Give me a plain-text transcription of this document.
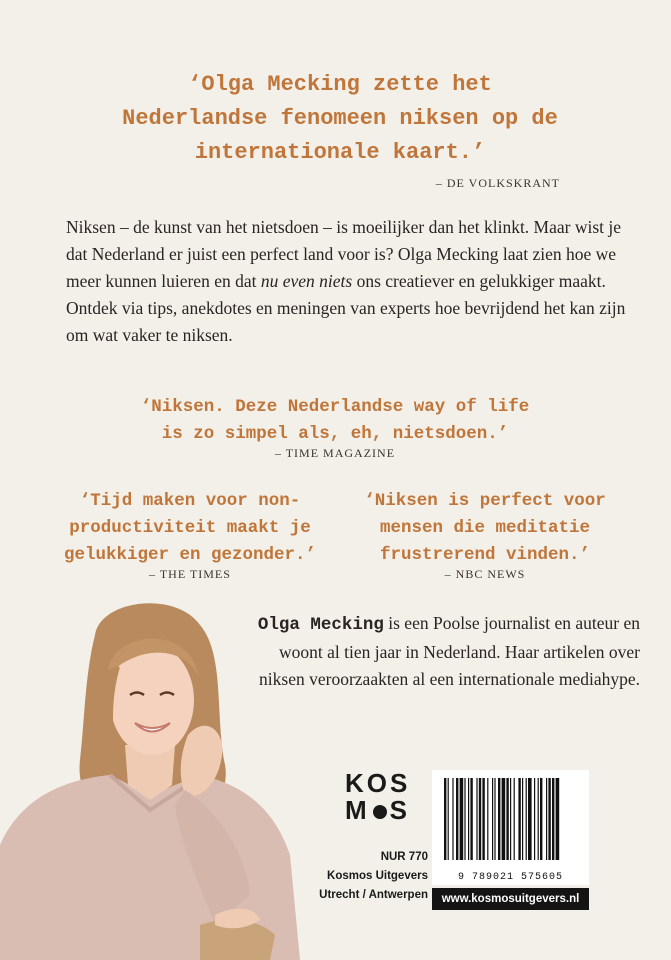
‘Olga Mecking zette het
Nederlandse fenomeen niksen op de
internationale kaart.’
– DE VOLKSKRANT
Niksen – de kunst van het nietsdoen – is moeilijker dan het klinkt. Maar wist je dat Nederland er juist een perfect land voor is? Olga Mecking laat zien hoe we meer kunnen luieren en dat nu even niets ons creatiever en gelukkiger maakt. Ontdek via tips, anekdotes en meningen van experts hoe bevrijdend het kan zijn om wat vaker te niksen.
‘Niksen. Deze Nederlandse way of life
is zo simpel als, eh, nietsdoen.’
– TIME MAGAZINE
‘Tijd maken voor non-
productiviteit maakt je
gelukkiger en gezonder.’
– THE TIMES
‘Niksen is perfect voor
mensen die meditatie
frustrerend vinden.’
– NBC NEWS
Olga Mecking is een Poolse journalist en auteur en woont al tien jaar in Nederland. Haar artikelen over niksen veroorzaakten al een internationale mediahype.
KOS
M S
NUR 770
Kosmos Uitgevers
Utrecht / Antwerpen
9 789021 575605
www.kosmosuitgevers.nl
